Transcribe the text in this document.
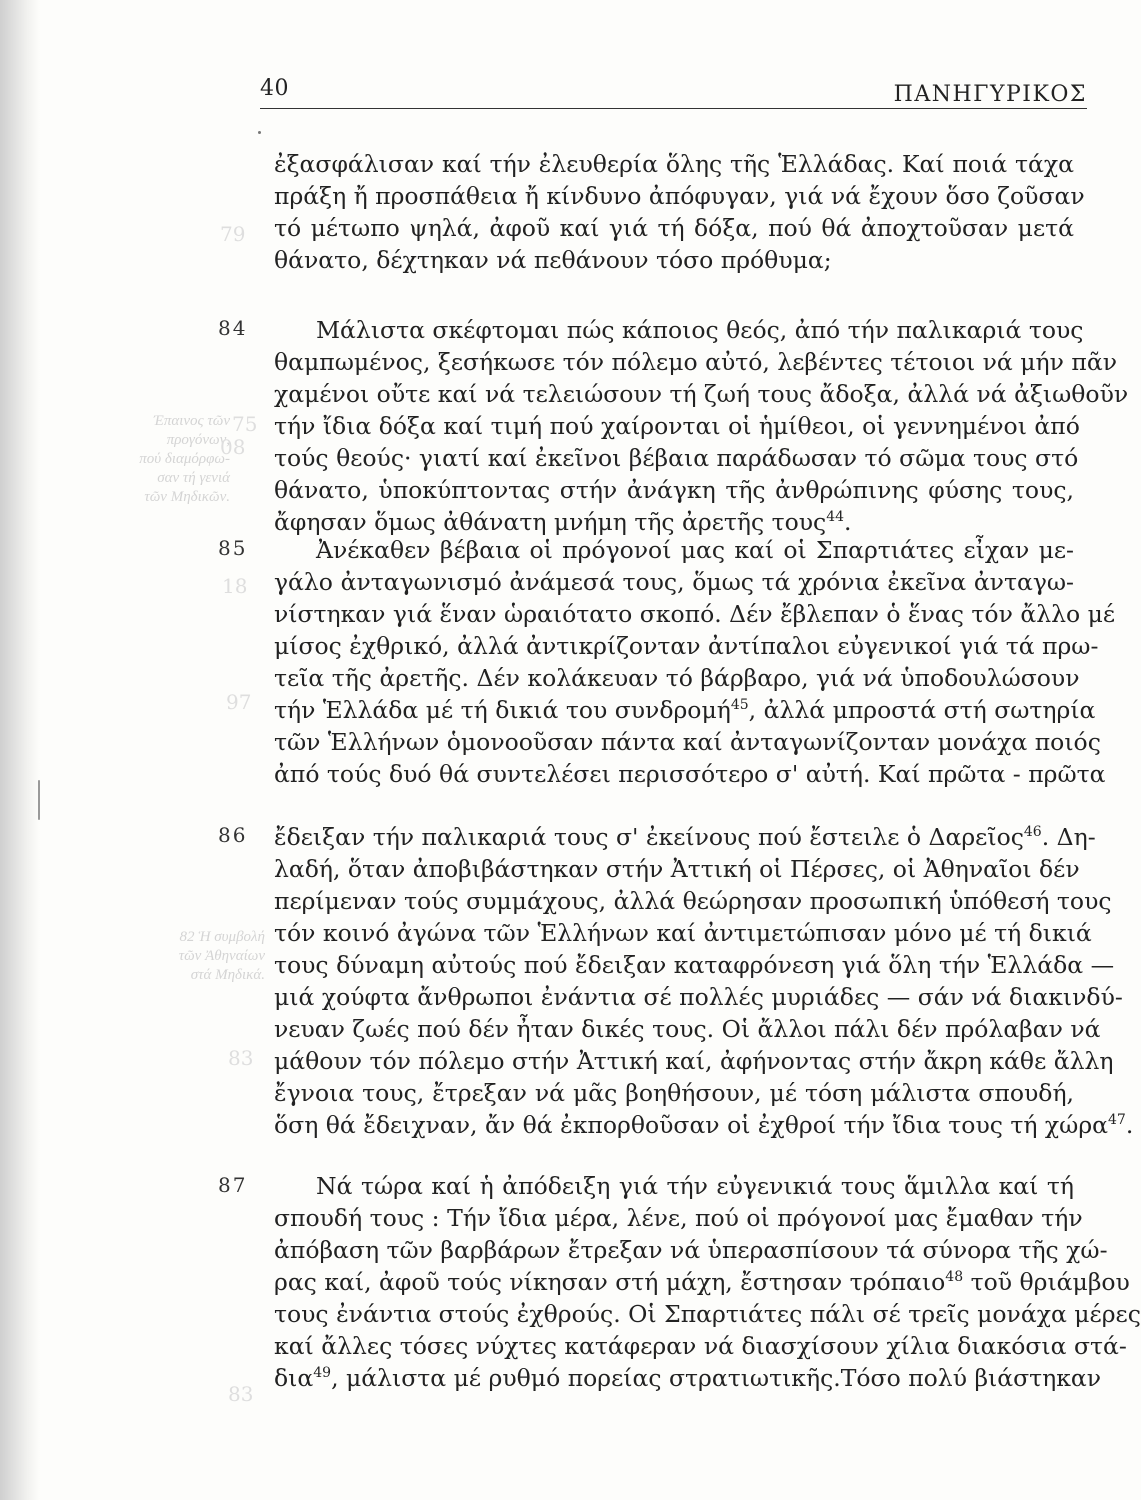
Έπαινος τῶν
προγόνων,
πού διαμόρφω-
σαν τή γενιά
τῶν Μηδικῶν.
82 Ἡ συμβολή
τῶν Ἀθηναίων
στά Μηδικά.
79
75
08
18
97
83
83
40	ΠΑΝΗΓΥΡΙΚΟΣ
84
85
86
87
ἐξασφάλισαν καί τήν ἐλευθερία ὅλης τῆς Ἑλλάδας. Καί ποιά τάχα
πράξη ἤ προσπάθεια ἤ κίνδυνο ἀπόφυγαν, γιά νά ἔχουν ὅσο ζοῦσαν
τό μέτωπο ψηλά, ἀφοῦ καί γιά τή δόξα, πού θά ἀποχτοῦσαν μετά
θάνατο, δέχτηκαν νά πεθάνουν τόσο πρόθυμα;
Μάλιστα σκέφτομαι πώς κάποιος θεός, ἀπό τήν παλικαριά τους
θαμπωμένος, ξεσήκωσε τόν πόλεμο αὐτό, λεβέντες τέτοιοι νά μήν πᾶν
χαμένοι οὔτε καί νά τελειώσουν τή ζωή τους ἄδοξα, ἀλλά νά ἀξιωθοῦν
τήν ἴδια δόξα καί τιμή πού χαίρονται οἱ ἡμίθεοι, οἱ γεννημένοι ἀπό
τούς θεούς· γιατί καί ἐκεῖνοι βέβαια παράδωσαν τό σῶμα τους στό
θάνατο, ὑποκύπτοντας στήν ἀνάγκη τῆς ἀνθρώπινης φύσης τους,
ἄφησαν ὅμως ἀθάνατη μνήμη τῆς ἀρετῆς τους$^{44}$.
Ἀνέκαθεν βέβαια οἱ πρόγονοί μας καί οἱ Σπαρτιάτες εἶχαν με-
γάλο ἀνταγωνισμό ἀνάμεσά τους, ὅμως τά χρόνια ἐκεῖνα ἀνταγω-
νίστηκαν γιά ἕναν ὡραιότατο σκοπό. Δέν ἔβλεπαν ὁ ἕνας τόν ἄλλο μέ
μίσος ἐχθρικό, ἀλλά ἀντικρίζονταν ἀντίπαλοι εὐγενικοί γιά τά πρω-
τεῖα τῆς ἀρετῆς. Δέν κολάκευαν τό βάρβαρο, γιά νά ὑποδουλώσουν
τήν Ἑλλάδα μέ τή δικιά του συνδρομή$^{45}$, ἀλλά μπροστά στή σωτηρία
τῶν Ἑλλήνων ὁμονοοῦσαν πάντα καί ἀνταγωνίζονταν μονάχα ποιός
ἀπό τούς δυό θά συντελέσει περισσότερο σ' αὐτή. Καί πρῶτα - πρῶτα
ἔδειξαν τήν παλικαριά τους σ' ἐκείνους πού ἔστειλε ὁ Δαρεῖος$^{46}$. Δη-
λαδή, ὅταν ἀποβιβάστηκαν στήν Ἀττική οἱ Πέρσες, οἱ Ἀθηναῖοι δέν
περίμεναν τούς συμμάχους, ἀλλά θεώρησαν προσωπική ὑπόθεσή τους
τόν κοινό ἀγώνα τῶν Ἑλλήνων καί ἀντιμετώπισαν μόνο μέ τή δικιά
τους δύναμη αὐτούς πού ἔδειξαν καταφρόνεση γιά ὅλη τήν Ἑλλάδα —
μιά χούφτα ἄνθρωποι ἐνάντια σέ πολλές μυριάδες — σάν νά διακινδύ-
νευαν ζωές πού δέν ἦταν δικές τους. Οἱ ἄλλοι πάλι δέν πρόλαβαν νά
μάθουν τόν πόλεμο στήν Ἀττική καί, ἀφήνοντας στήν ἄκρη κάθε ἄλλη
ἔγνοια τους, ἔτρεξαν νά μᾶς βοηθήσουν, μέ τόση μάλιστα σπουδή,
ὅση θά ἔδειχναν, ἄν θά ἐκπορθοῦσαν οἱ ἐχθροί τήν ἴδια τους τή χώρα$^{47}$.
Νά τώρα καί ἡ ἀπόδειξη γιά τήν εὐγενικιά τους ἅμιλλα καί τή
σπουδή τους : Τήν ἴδια μέρα, λένε, πού οἱ πρόγονοί μας ἔμαθαν τήν
ἀπόβαση τῶν βαρβάρων ἔτρεξαν νά ὑπερασπίσουν τά σύνορα τῆς χώ-
ρας καί, ἀφοῦ τούς νίκησαν στή μάχη, ἔστησαν τρόπαιο$^{48}$ τοῦ θριάμβου
τους ἐνάντια στούς ἐχθρούς. Οἱ Σπαρτιάτες πάλι σέ τρεῖς μονάχα μέρες
καί ἄλλες τόσες νύχτες κατάφεραν νά διασχίσουν χίλια διακόσια στά-
δια$^{49}$, μάλιστα μέ ρυθμό πορείας στρατιωτικῆς. Τόσο πολύ βιάστηκαν
